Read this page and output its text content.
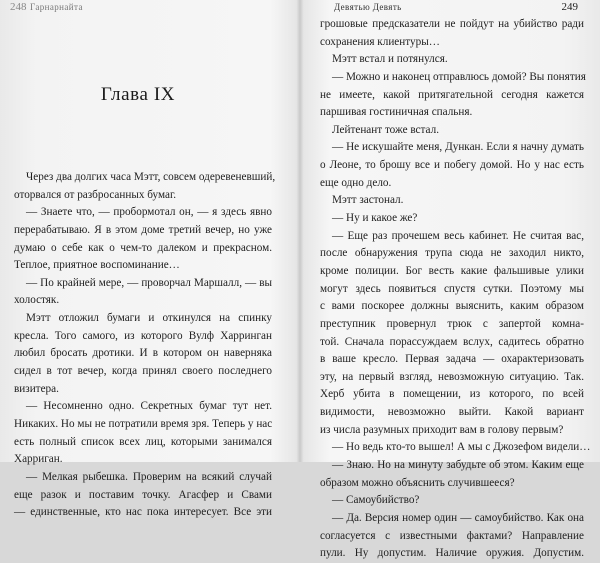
248 Гарнарнайта
Глава IX
Через два долгих часа Мэтт, совсем одеревеневший,
оторвался от разбросанных бумаг.
— Знаете что, — пробормотал он, — я здесь явно
перерабатываю. Я в этом доме третий вечер, но уже
думаю о себе как о чем-то далеком и прекрасном.
Теплое, приятное воспоминание…
— По крайней мере, — проворчал Маршалл, — вы
холостяк.
Мэтт отложил бумаги и откинулся на спинку
кресла. Того самого, из которого Вулф Харринган
любил бросать дротики. И в котором он наверняка
сидел в тот вечер, когда принял своего последнего
визитера.
— Несомненно одно. Секретных бумаг тут нет.
Никаких. Но мы не потратили время зря. Теперь у нас
есть полный список всех лиц, которыми занимался
Харриган.
— Мелкая рыбешка. Проверим на всякий случай
еще разок и поставим точку. Агасфер и Свами
— единственные, кто нас пока интересует. Все эти
Девятью Девять	249
грошовые предсказатели не пойдут на убийство ради
сохранения клиентуры…
Мэтт встал и потянулся.
— Можно и наконец отправлюсь домой? Вы понятия
не имеете, какой притягательной сегодня кажется
паршивая гостиничная спальня.
Лейтенант тоже встал.
— Не искушайте меня, Дункан. Если я начну думать
о Леоне, то брошу все и побегу домой. Но у нас есть
еще одно дело.
Мэтт застонал.
— Ну и какое же?
— Еще раз прочешем весь кабинет. Не считая вас,
после обнаружения трупа сюда не заходил никто,
кроме полиции. Бог весть какие фальшивые улики
могут здесь появиться спустя сутки. Поэтому мы
с вами поскорее должны выяснить, каким образом
преступник провернул трюк с запертой комна-
той. Сначала порассуждаем вслух, садитесь обратно
в ваше кресло. Первая задача — охарактеризовать
эту, на первый взгляд, невозможную ситуацию. Так.
Херб убита в помещении, из которого, по всей
видимости, невозможно выйти. Какой вариант
из числа разумных приходит вам в голову первым?
— Но ведь кто-то вышел! А мы с Джозефом видели…
— Знаю. Но на минуту забудьте об этом. Каким еще
образом можно объяснить случившееся?
— Самоубийство?
— Да. Версия номер один — самоубийство. Как она
согласуется с известными фактами? Направление
пули. Ну допустим. Наличие оружия. Допустим.
